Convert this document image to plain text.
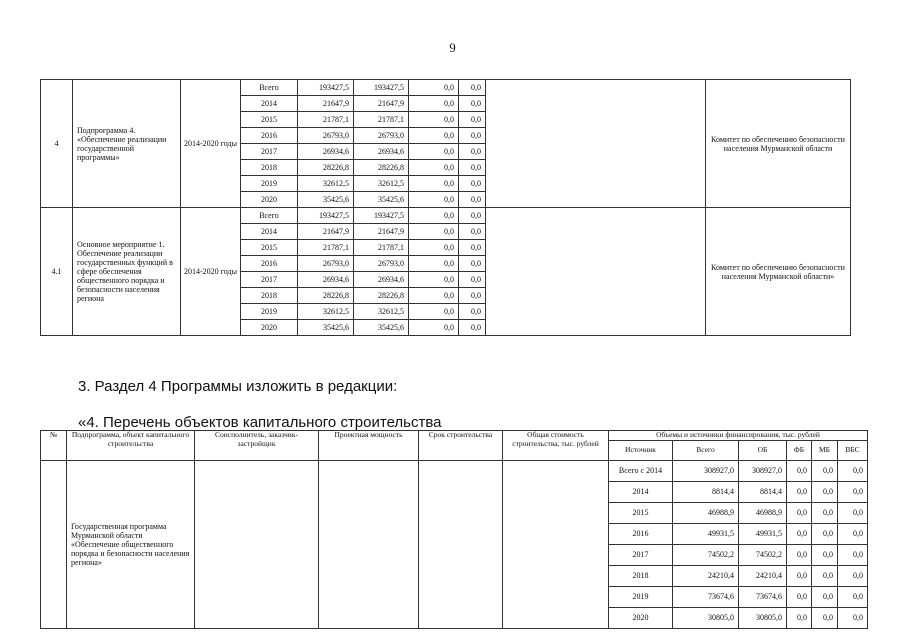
9
4	Подпрограмма 4. «Обеспечение реализации государственной программы»	2014-2020 годы	Всего	193427,5	193427,5	0,0	0,0		Комитет по обеспечению безопасности населения Мурманской области
			2014	21647,9	21647,9	0,0	0,0		
			2015	21787,1	21787,1	0,0	0,0		
			2016	26793,0	26793,0	0,0	0,0		
			2017	26934,6	26934,6	0,0	0,0		
			2018	28226,8	28226,8	0,0	0,0		
			2019	32612,5	32612,5	0,0	0,0		
			2020	35425,6	35425,6	0,0	0,0		
4.1	Основное мероприятие 1. Обеспечение реализации государственных функций в сфере обеспечения общественного порядка и безопасности населения региона	2014-2020 годы	Всего	193427,5	193427,5	0,0	0,0		Комитет по обеспечению безопасности населения Мурманской области»
			2014	21647,9	21647,9	0,0	0,0		
			2015	21787,1	21787,1	0,0	0,0		
			2016	26793,0	26793,0	0,0	0,0		
			2017	26934,6	26934,6	0,0	0,0		
			2018	28226,8	28226,8	0,0	0,0		
			2019	32612,5	32612,5	0,0	0,0		
			2020	35425,6	35425,6	0,0	0,0		
3. Раздел 4 Программы изложить в редакции:
«4. Перечень объектов капитального строительства
№	Подпрограмма, объект капитального строительства	Соисполнитель, заказчик-застройщик	Проектная мощность	Срок строительства	Общая стоимость строительства, тыс. рублей	Объемы и источники финансирования, тыс. рублей					
						Источник	Всего	ОБ	ФБ	МБ	ВБС
	Государственная программа Мурманской области «Обеспечение общественного порядка и безопасности населения региона»					Всего с 2014	308927,0	308927,0	0,0	0,0	0,0
						2014	8814,4	8814,4	0,0	0,0	0,0
						2015	46988,9	46988,9	0,0	0,0	0,0
						2016	49931,5	49931,5	0,0	0,0	0,0
						2017	74502,2	74502,2	0,0	0,0	0,0
						2018	24210,4	24210,4	0,0	0,0	0,0
						2019	73674,6	73674,6	0,0	0,0	0,0
						2020	30805,0	30805,0	0,0	0,0	0,0
